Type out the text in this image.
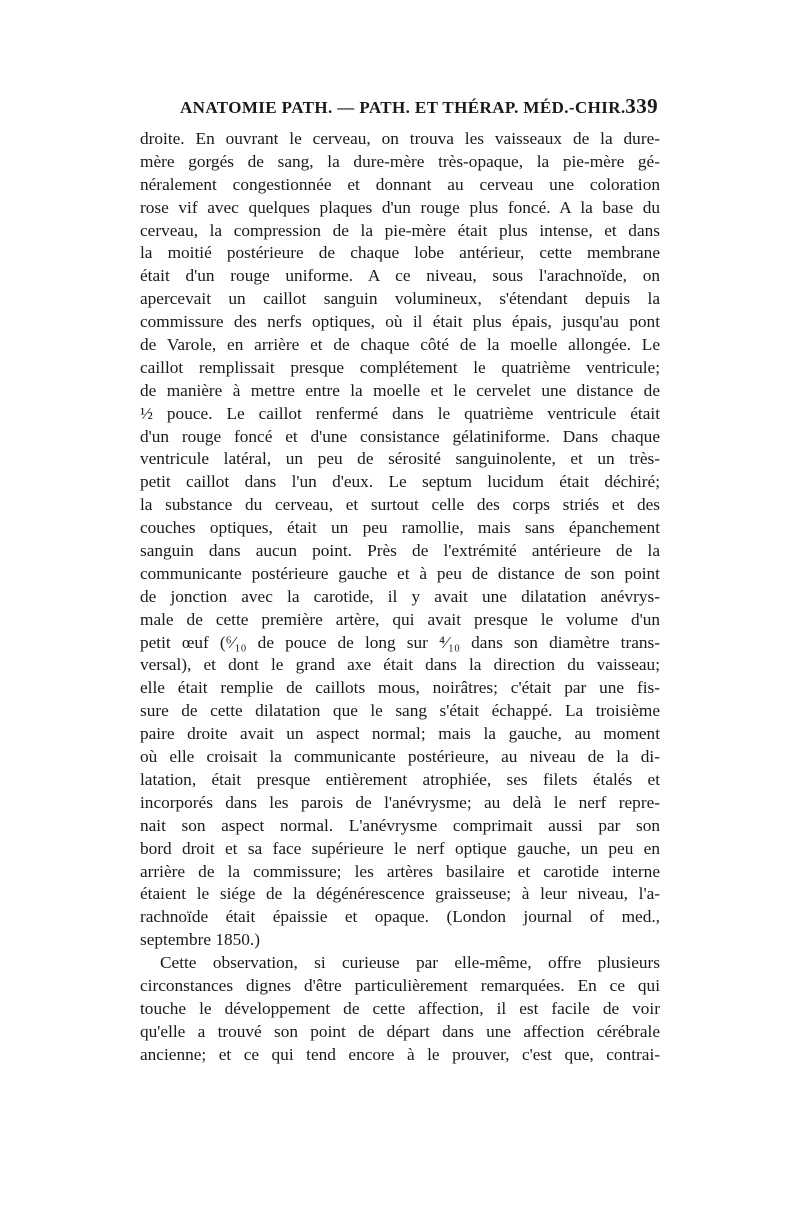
ANATOMIE PATH. — PATH. ET THÉRAP. MÉD.-CHIR. 339
droite. En ouvrant le cerveau, on trouva les vaisseaux de la dure-
mère gorgés de sang, la dure-mère très-opaque, la pie-mère gé-
néralement congestionnée et donnant au cerveau une coloration
rose vif avec quelques plaques d'un rouge plus foncé. A la base du
cerveau, la compression de la pie-mère était plus intense, et dans
la moitié postérieure de chaque lobe antérieur, cette membrane
était d'un rouge uniforme. A ce niveau, sous l'arachnoïde, on
apercevait un caillot sanguin volumineux, s'étendant depuis la
commissure des nerfs optiques, où il était plus épais, jusqu'au pont
de Varole, en arrière et de chaque côté de la moelle allongée. Le
caillot remplissait presque complétement le quatrième ventricule;
de manière à mettre entre la moelle et le cervelet une distance de
½ pouce. Le caillot renfermé dans le quatrième ventricule était
d'un rouge foncé et d'une consistance gélatiniforme. Dans chaque
ventricule latéral, un peu de sérosité sanguinolente, et un très-
petit caillot dans l'un d'eux. Le septum lucidum était déchiré;
la substance du cerveau, et surtout celle des corps striés et des
couches optiques, était un peu ramollie, mais sans épanchement
sanguin dans aucun point. Près de l'extrémité antérieure de la
communicante postérieure gauche et à peu de distance de son point
de jonction avec la carotide, il y avait une dilatation anévrys-
male de cette première artère, qui avait presque le volume d'un
petit œuf (⁶⁄₁₀ de pouce de long sur ⁴⁄₁₀ dans son diamètre trans-
versal), et dont le grand axe était dans la direction du vaisseau;
elle était remplie de caillots mous, noirâtres; c'était par une fis-
sure de cette dilatation que le sang s'était échappé. La troisième
paire droite avait un aspect normal; mais la gauche, au moment
où elle croisait la communicante postérieure, au niveau de la di-
latation, était presque entièrement atrophiée, ses filets étalés et
incorporés dans les parois de l'anévrysme; au delà le nerf repre-
nait son aspect normal. L'anévrysme comprimait aussi par son
bord droit et sa face supérieure le nerf optique gauche, un peu en
arrière de la commissure; les artères basilaire et carotide interne
étaient le siége de la dégénérescence graisseuse; à leur niveau, l'a-
rachnoïde était épaissie et opaque. (London journal of med.,
septembre 1850.)
Cette observation, si curieuse par elle-même, offre plusieurs
circonstances dignes d'être particulièrement remarquées. En ce qui
touche le développement de cette affection, il est facile de voir
qu'elle a trouvé son point de départ dans une affection cérébrale
ancienne; et ce qui tend encore à le prouver, c'est que, contrai-
